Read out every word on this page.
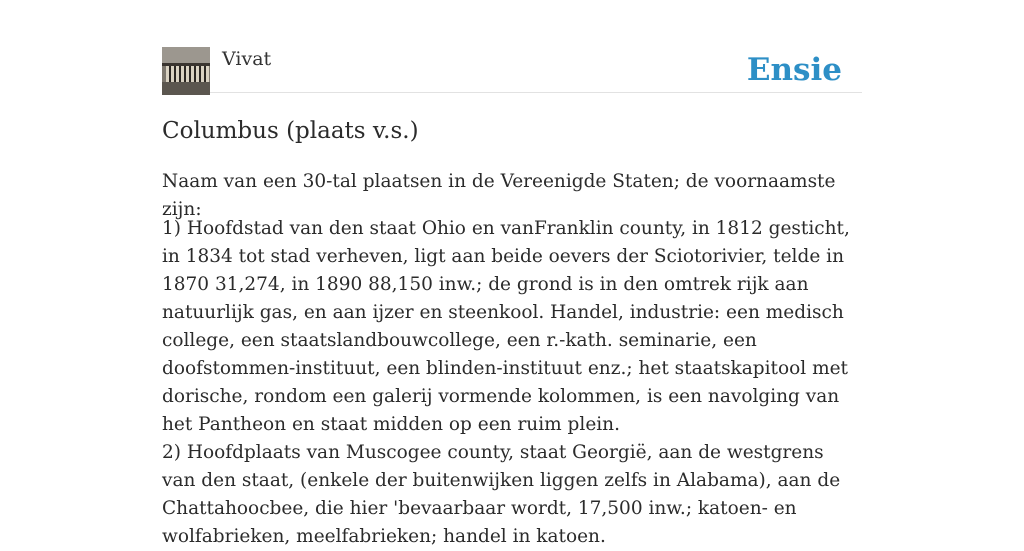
Vivat	Ensie
Columbus (plaats v.s.)

Naam van een 30-tal plaatsen in de Vereenigde Staten; de voornaamste zijn:

1) Hoofdstad van den staat Ohio en vanFranklin county, in 1812 gesticht, in 1834 tot stad verheven, ligt aan beide oevers der Sciotorivier, telde in 1870 31,274, in 1890 88,150 inw.; de grond is in den omtrek rijk aan natuurlijk gas, en aan ijzer en steenkool. Handel, industrie: een medisch college, een staatslandbouwcollege, een r.-kath. seminarie, een doofstommen-instituut, een blinden-instituut enz.; het staatskapitool met dorische, rondom een galerij vormende kolommen, is een navolging van het Pantheon en staat midden op een ruim plein.
2) Hoofdplaats van Muscogee county, staat Georgië, aan de westgrens van den staat, (enkele der buitenwijken liggen zelfs in Alabama), aan de Chattahoocbee, die hier 'bevaarbaar wordt, 17,500 inw.; katoen- en wolfabrieken, meelfabrieken; handel in katoen.
